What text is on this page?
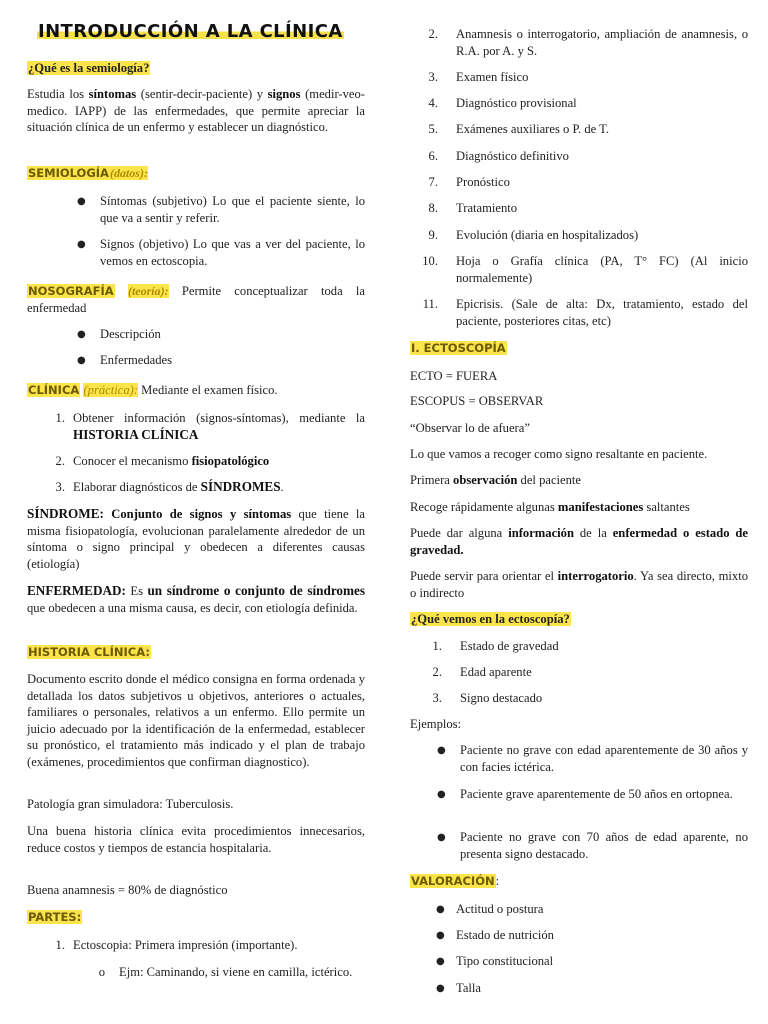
INTRODUCCIÓN A LA CLÍNICA

¿Qué es la semiología?

Estudia los síntomas (sentir-decir-paciente) y signos (medir-veo-medico. IAPP) de las enfermedades, que permite apreciar la situación clínica de un enfermo y establecer un diagnóstico.

SEMIOLOGÍA(datos):

● Síntomas (subjetivo) Lo que el paciente siente, lo que va a sentir y referir.
● Signos (objetivo) Lo que vas a ver del paciente, lo vemos en ectoscopia.

NOSOGRAFÍA (teoría): Permite conceptualizar toda la enfermedad

● Descripción
● Enfermedades

CLÍNICA (práctica): Mediante el examen físico.

1. Obtener información (signos-síntomas), mediante la HISTORIA CLÍNICA
2. Conocer el mecanismo fisiopatológico
3. Elaborar diagnósticos de SÍNDROMES.

SÍNDROME: Conjunto de signos y síntomas que tiene la misma fisiopatología, evolucionan paralelamente alrededor de un síntoma o signo principal y obedecen a diferentes causas (etiología)

ENFERMEDAD: Es un síndrome o conjunto de síndromes que obedecen a una misma causa, es decir, con etiología definida.

HISTORIA CLÍNICA:

Documento escrito donde el médico consigna en forma ordenada y detallada los datos subjetivos u objetivos, anteriores o actuales, familiares o personales, relativos a un enfermo. Ello permite un juicio adecuado por la identificación de la enfermedad, establecer su pronóstico, el tratamiento más indicado y el plan de trabajo (exámenes, procedimientos que confirman diagnostico).

Patología gran simuladora: Tuberculosis.

Una buena historia clínica evita procedimientos innecesarios, reduce costos y tiempos de estancia hospitalaria.

Buena anamnesis = 80% de diagnóstico

PARTES:

1. Ectoscopia: Primera impresión (importante).
o Ejm: Caminando, si viene en camilla, ictérico.
2. Anamnesis o interrogatorio, ampliación de anamnesis, o R.A. por A. y S.
3. Examen físico
4. Diagnóstico provisional
5. Exámenes auxiliares o P. de T.
6. Diagnóstico definitivo
7. Pronóstico
8. Tratamiento
9. Evolución (diaria en hospitalizados)
10. Hoja o Grafía clínica (PA, T° FC) (Al inicio normalemente)
11. Epicrisis. (Sale de alta: Dx, tratamiento, estado del paciente, posteriores citas, etc)

I. ECTOSCOPÍA

ECTO = FUERA

ESCOPUS = OBSERVAR

“Observar lo de afuera”

Lo que vamos a recoger como signo resaltante en paciente.

Primera observación del paciente

Recoge rápidamente algunas manifestaciones saltantes

Puede dar alguna información de la enfermedad o estado de gravedad.

Puede servir para orientar el interrogatorio. Ya sea directo, mixto o indirecto

¿Qué vemos en la ectoscopía?

1. Estado de gravedad
2. Edad aparente
3. Signo destacado

Ejemplos:

● Paciente no grave con edad aparentemente de 30 años y con facies ictérica.
● Paciente grave aparentemente de 50 años en ortopnea.
● Paciente no grave con 70 años de edad aparente, no presenta signo destacado.

VALORACIÓN:

● Actitud o postura
● Estado de nutrición
● Tipo constitucional
● Talla
